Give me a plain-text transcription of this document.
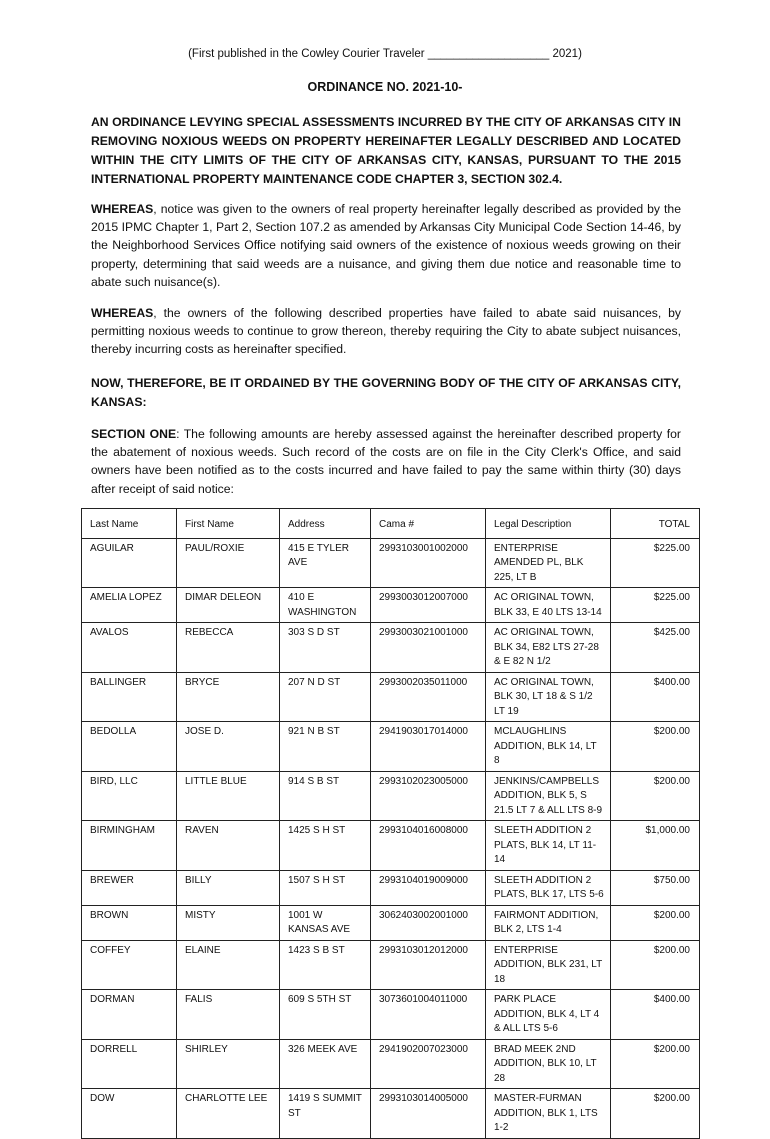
(First published in the Cowley Courier Traveler ___________________ 2021)
ORDINANCE NO. 2021-10-
AN ORDINANCE LEVYING SPECIAL ASSESSMENTS INCURRED BY THE CITY OF ARKANSAS CITY IN REMOVING NOXIOUS WEEDS ON PROPERTY HEREINAFTER LEGALLY DESCRIBED AND LOCATED WITHIN THE CITY LIMITS OF THE CITY OF ARKANSAS CITY, KANSAS, PURSUANT TO THE 2015 INTERNATIONAL PROPERTY MAINTENANCE CODE CHAPTER 3, SECTION 302.4.
WHEREAS, notice was given to the owners of real property hereinafter legally described as provided by the 2015 IPMC Chapter 1, Part 2, Section 107.2 as amended by Arkansas City Municipal Code Section 14-46, by the Neighborhood Services Office notifying said owners of the existence of noxious weeds growing on their property, determining that said weeds are a nuisance, and giving them due notice and reasonable time to abate such nuisance(s).
WHEREAS, the owners of the following described properties have failed to abate said nuisances, by permitting noxious weeds to continue to grow thereon, thereby requiring the City to abate subject nuisances, thereby incurring costs as hereinafter specified.
NOW, THEREFORE, BE IT ORDAINED BY THE GOVERNING BODY OF THE CITY OF ARKANSAS CITY, KANSAS:
SECTION ONE: The following amounts are hereby assessed against the hereinafter described property for the abatement of noxious weeds. Such record of the costs are on file in the City Clerk's Office, and said owners have been notified as to the costs incurred and have failed to pay the same within thirty (30) days after receipt of said notice:
Last Name	First Name	Address	Cama #	Legal Description	TOTAL
AGUILAR	PAUL/ROXIE	415 E TYLER AVE	2993103001002000	ENTERPRISE AMENDED PL, BLK 225, LT B	$225.00
AMELIA LOPEZ	DIMAR DELEON	410 E WASHINGTON	2993003012007000	AC ORIGINAL TOWN, BLK 33, E 40 LTS 13-14	$225.00
AVALOS	REBECCA	303 S D ST	2993003021001000	AC ORIGINAL TOWN, BLK 34, E82 LTS 27-28 & E 82 N 1/2	$425.00
BALLINGER	BRYCE	207 N D ST	2993002035011000	AC ORIGINAL TOWN, BLK 30, LT 18 & S 1/2 LT 19	$400.00
BEDOLLA	JOSE D.	921 N B ST	2941903017014000	MCLAUGHLINS ADDITION, BLK 14, LT 8	$200.00
BIRD, LLC	LITTLE BLUE	914 S B ST	2993102023005000	JENKINS/CAMPBELLS ADDITION, BLK 5, S 21.5 LT 7 & ALL LTS 8-9	$200.00
BIRMINGHAM	RAVEN	1425 S H ST	2993104016008000	SLEETH ADDITION 2 PLATS, BLK 14, LT 11-14	$1,000.00
BREWER	BILLY	1507 S H ST	2993104019009000	SLEETH ADDITION 2 PLATS, BLK 17, LTS 5-6	$750.00
BROWN	MISTY	1001 W KANSAS AVE	3062403002001000	FAIRMONT ADDITION, BLK 2, LTS 1-4	$200.00
COFFEY	ELAINE	1423 S B ST	2993103012012000	ENTERPRISE ADDITION, BLK 231, LT 18	$200.00
DORMAN	FALIS	609 S 5TH ST	3073601004011000	PARK PLACE ADDITION, BLK 4, LT 4 & ALL LTS 5-6	$400.00
DORRELL	SHIRLEY	326 MEEK AVE	2941902007023000	BRAD MEEK 2ND ADDITION, BLK 10, LT 28	$200.00
DOW	CHARLOTTE LEE	1419 S SUMMIT ST	2993103014005000	MASTER-FURMAN ADDITION, BLK 1, LTS 1-2	$200.00
